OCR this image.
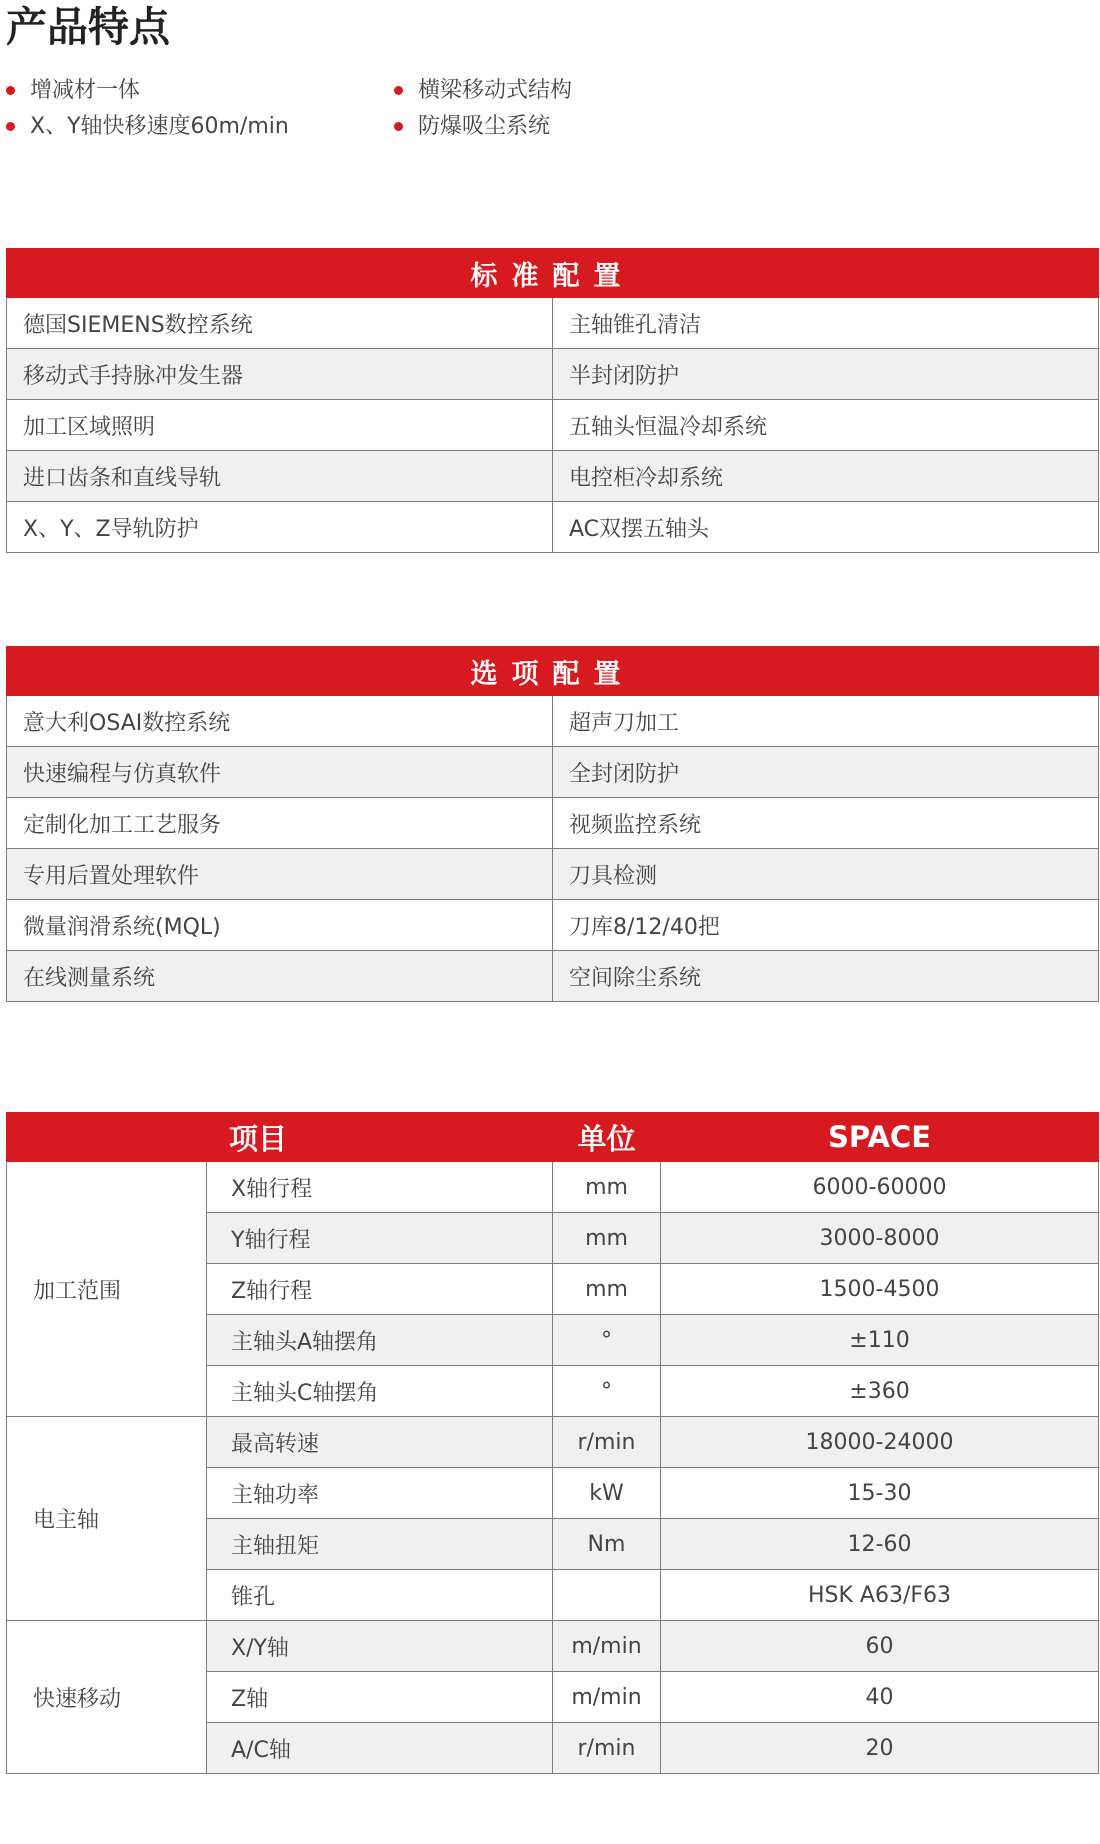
产品特点
增减材一体
X、Y轴快移速度60m/min
横梁移动式结构
防爆吸尘系统
标准配置	
德国SIEMENS数控系统	主轴锥孔清洁
移动式手持脉冲发生器	半封闭防护
加工区域照明	五轴头恒温冷却系统
进口齿条和直线导轨	电控柜冷却系统
X、Y、Z导轨防护	AC双摆五轴头
选项配置	
意大利OSAI数控系统	超声刀加工
快速编程与仿真软件	全封闭防护
定制化加工工艺服务	视频监控系统
专用后置处理软件	刀具检测
微量润滑系统(MQL)	刀库8/12/40把
在线测量系统	空间除尘系统
	项目	单位	SPACE
加工范围	X轴行程	mm	6000-60000
	Y轴行程	mm	3000-8000
	Z轴行程	mm	1500-4500
	主轴头A轴摆角	°	±110
	主轴头C轴摆角	°	±360
电主轴	最高转速	r/min	18000-24000
	主轴功率	kW	15-30
	主轴扭矩	Nm	12-60
	锥孔		HSK A63/F63
快速移动	X/Y轴	m/min	60
	Z轴	m/min	40
	A/C轴	r/min	20
